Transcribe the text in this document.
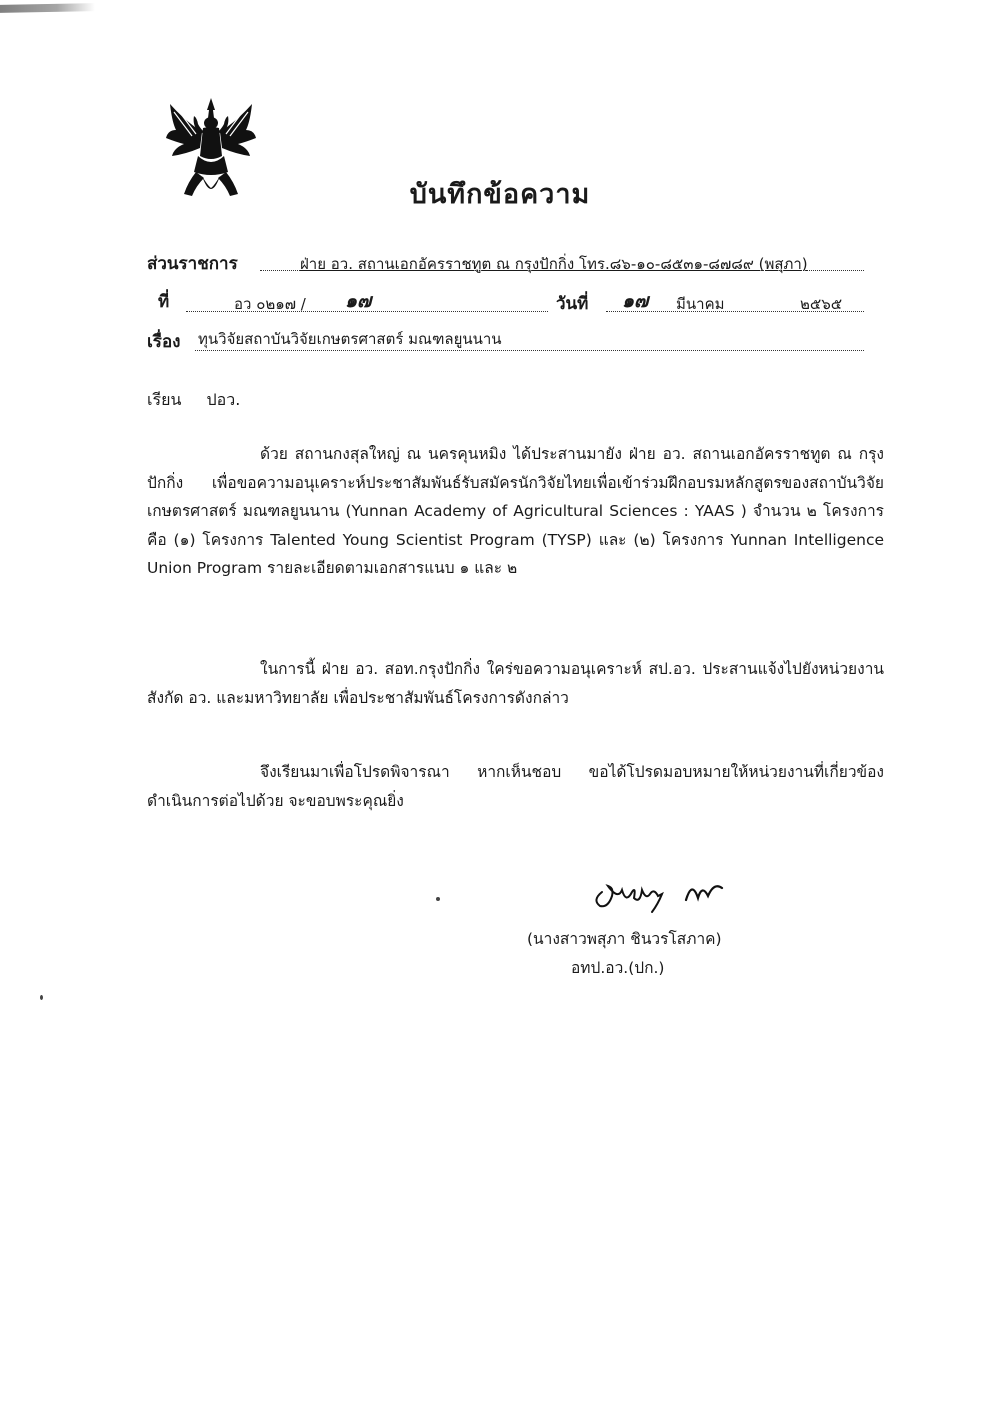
บันทึกข้อความ
ส่วนราชการ	ฝ่าย อว. สถานเอกอัครราชทูต ณ กรุงปักกิ่ง โทร.๘๖-๑๐-๘๕๓๑-๘๗๘๙ (พสุภา)
ที่	อว ๐๒๑๗ / ๑๗	วันที่ ๑๗ มีนาคม	๒๕๖๕
เรื่อง ทุนวิจัยสถาบันวิจัยเกษตรศาสตร์ มณฑลยูนนาน
เรียน ปอว.

ด้วย สถานกงสุลใหญ่ ณ นครคุนหมิง ได้ประสานมายัง ฝ่าย อว. สถานเอกอัครราชทูต ณ กรุงปักกิ่ง เพื่อขอความอนุเคราะห์ประชาสัมพันธ์รับสมัครนักวิจัยไทยเพื่อเข้าร่วมฝึกอบรมหลักสูตรของสถาบันวิจัยเกษตรศาสตร์ มณฑลยูนนาน (Yunnan Academy of Agricultural Sciences : YAAS ) จำนวน ๒ โครงการ คือ (๑) โครงการ Talented Young Scientist Program (TYSP) และ (๒) โครงการ Yunnan Intelligence Union Program รายละเอียดตามเอกสารแนบ ๑ และ ๒

ในการนี้ ฝ่าย อว. สอท.กรุงปักกิ่ง ใคร่ขอความอนุเคราะห์ สป.อว. ประสานแจ้งไปยังหน่วยงานสังกัด อว. และมหาวิทยาลัย เพื่อประชาสัมพันธ์โครงการดังกล่าว

จึงเรียนมาเพื่อโปรดพิจารณา หากเห็นชอบ ขอได้โปรดมอบหมายให้หน่วยงานที่เกี่ยวข้องดำเนินการต่อไปด้วย จะขอบพระคุณยิ่ง

(นางสาวพสุภา ชินวรโสภาค)
อทป.อว.(ปก.)
